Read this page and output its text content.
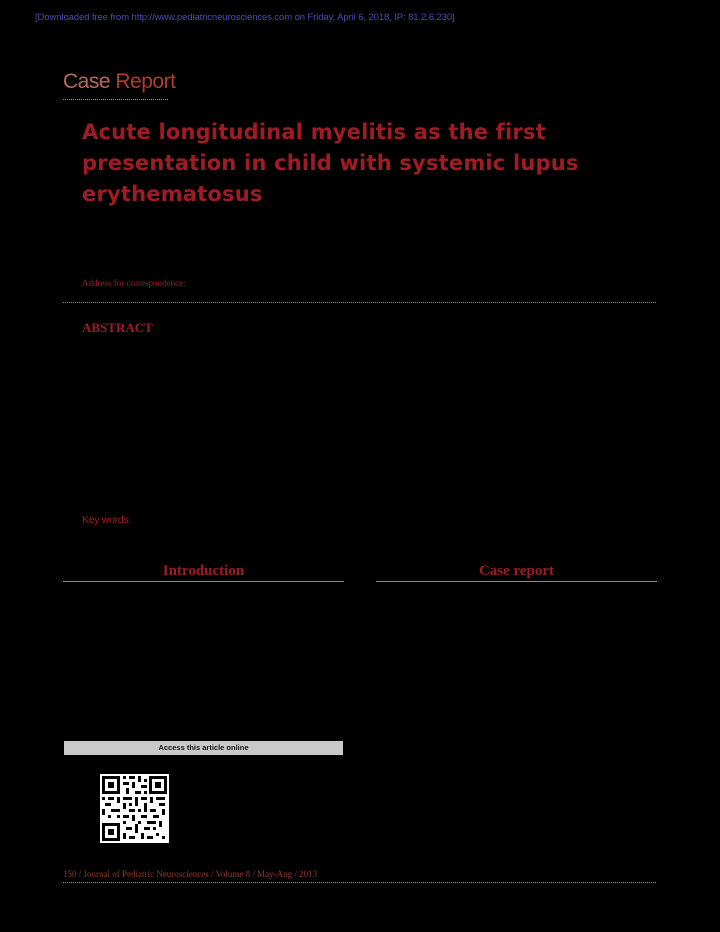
[Downloaded free from http://www.pediatricneurosciences.com on Friday, April 6, 2018, IP: 81.2.6.230]
Case Report
Acute longitudinal myelitis as the first presentation in child with systemic lupus erythematosus
Address for correspondence:
ABSTRACT
Key words:
Introduction	Case report
Access this article online
150 / Journal of Pediatric Neurosciences / Volume 8 / May-Aug / 2013
